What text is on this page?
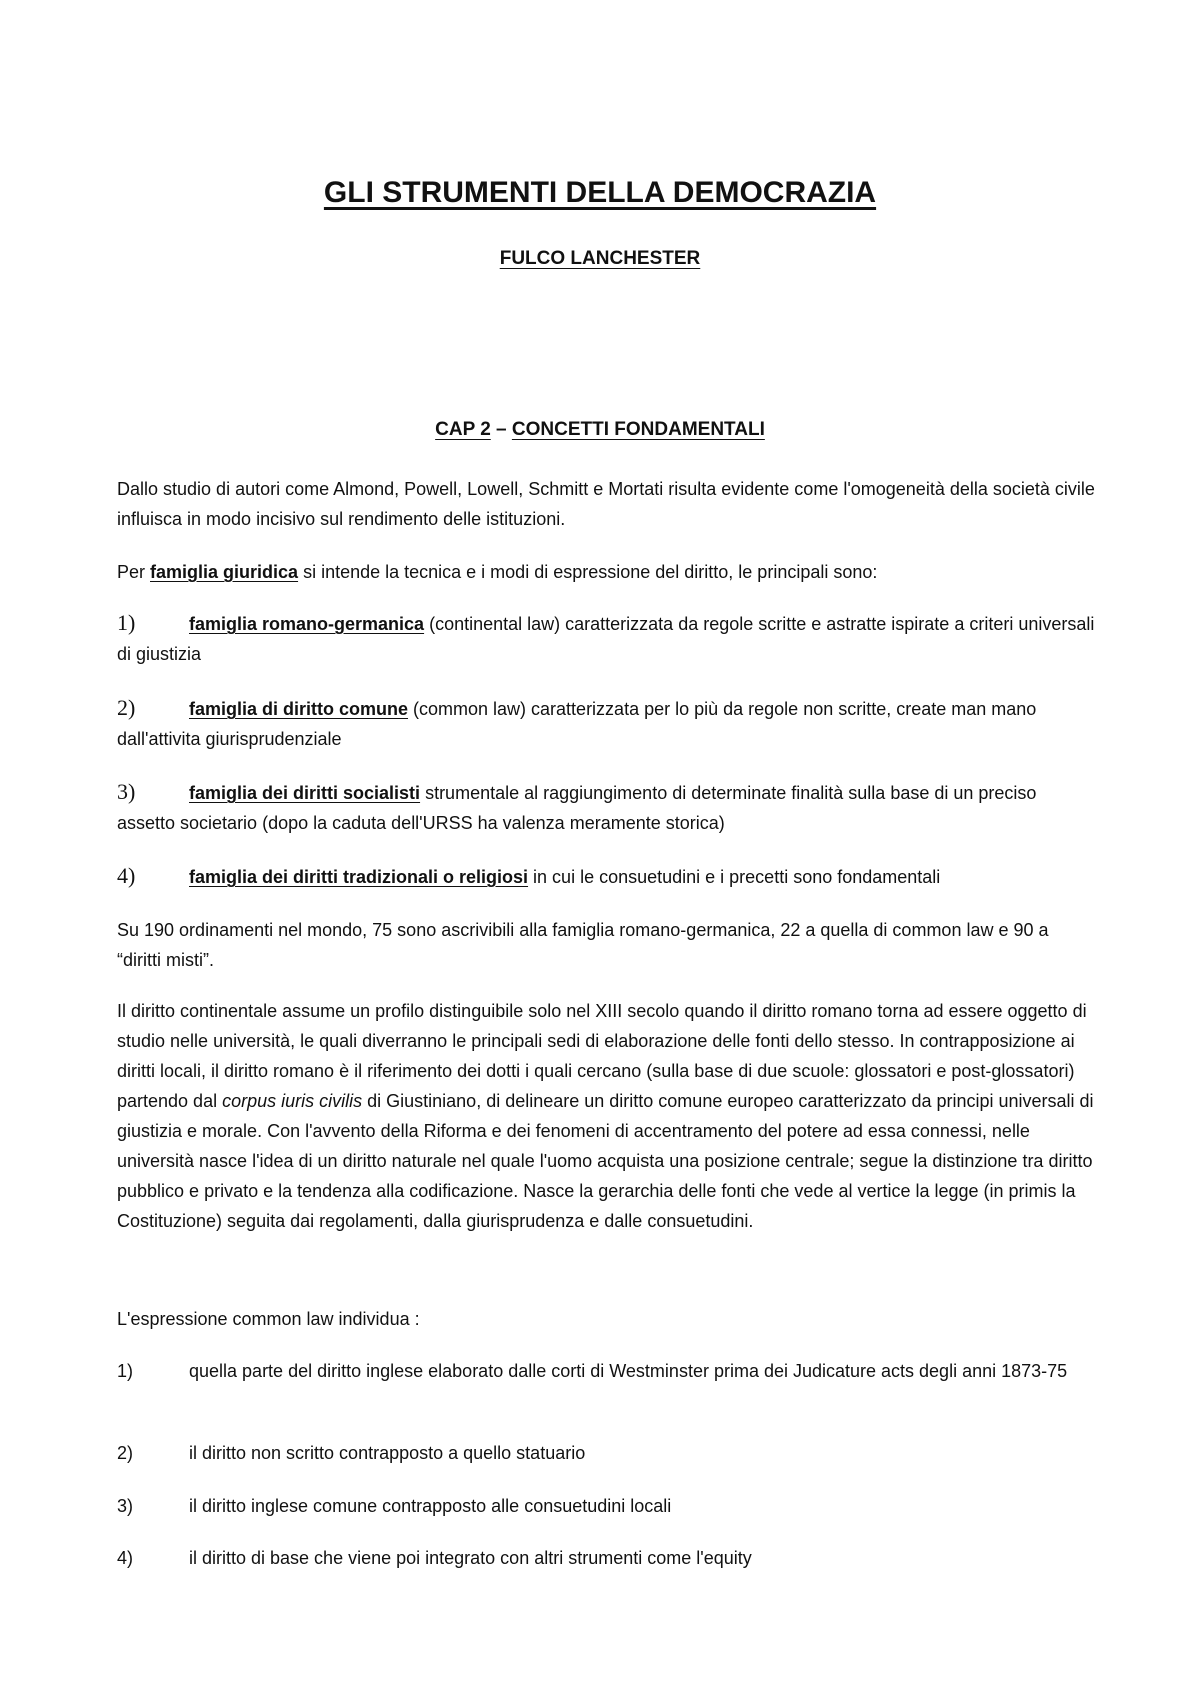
GLI STRUMENTI DELLA DEMOCRAZIA
FULCO LANCHESTER
CAP 2 – CONCETTI FONDAMENTALI

Dallo studio di autori come Almond, Powell, Lowell, Schmitt e Mortati risulta evidente come l'omogeneità della società civile influisca in modo incisivo sul rendimento delle istituzioni.

Per famiglia giuridica si intende la tecnica e i modi di espressione del diritto, le principali sono:

1)	famiglia romano-germanica (continental law) caratterizzata da regole scritte e astratte ispirate a criteri universali di giustizia

2)	famiglia di diritto comune (common law) caratterizzata per lo più da regole non scritte, create man mano dall'attivita giurisprudenziale

3)	famiglia dei diritti socialisti strumentale al raggiungimento di determinate finalità sulla base di un preciso assetto societario (dopo la caduta dell'URSS ha valenza meramente storica)

4)	famiglia dei diritti tradizionali o religiosi in cui le consuetudini e i precetti sono fondamentali

Su 190 ordinamenti nel mondo, 75 sono ascrivibili alla famiglia romano-germanica, 22 a quella di common law e 90 a “diritti misti”.

Il diritto continentale assume un profilo distinguibile solo nel XIII secolo quando il diritto romano torna ad essere oggetto di studio nelle università, le quali diverranno le principali sedi di elaborazione delle fonti dello stesso. In contrapposizione ai diritti locali, il diritto romano è il riferimento dei dotti i quali cercano (sulla base di due scuole: glossatori e post-glossatori) partendo dal corpus iuris civilis di Giustiniano, di delineare un diritto comune europeo caratterizzato da principi universali di giustizia e morale. Con l'avvento della Riforma e dei fenomeni di accentramento del potere ad essa connessi, nelle università nasce l'idea di un diritto naturale nel quale l'uomo acquista una posizione centrale; segue la distinzione tra diritto pubblico e privato e la tendenza alla codificazione. Nasce la gerarchia delle fonti che vede al vertice la legge (in primis la Costituzione) seguita dai regolamenti, dalla giurisprudenza e dalle consuetudini.

L'espressione common law individua :

1)	quella parte del diritto inglese elaborato dalle corti di Westminster prima dei Judicature acts degli anni 1873-75

2)	il diritto non scritto contrapposto a quello statuario

3)	il diritto inglese comune contrapposto alle consuetudini locali

4)	il diritto di base che viene poi integrato con altri strumenti come l'equity
